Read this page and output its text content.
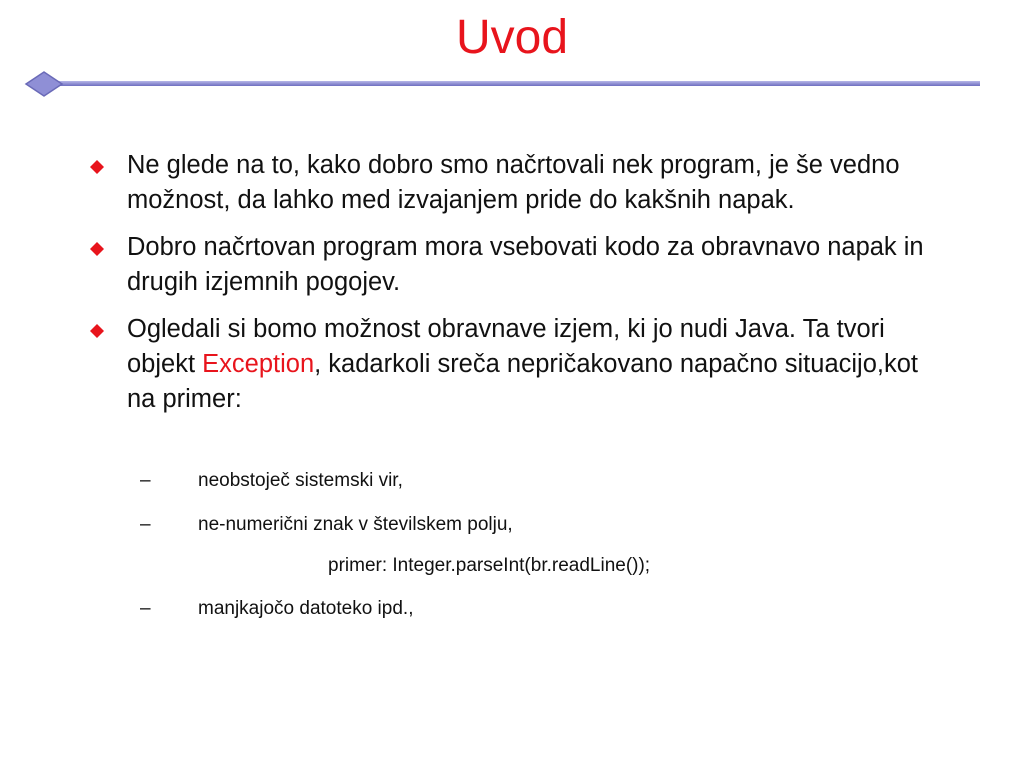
Uvod
Ne glede na to, kako dobro smo načrtovali nek program, je še vedno možnost, da lahko med izvajanjem pride do kakšnih napak.
Dobro načrtovan program mora vsebovati kodo za obravnavo napak in drugih izjemnih pogojev.
Ogledali si bomo možnost obravnave izjem, ki jo nudi Java. Ta tvori objekt Exception, kadarkoli sreča nepričakovano napačno situacijo,kot na primer:
– neobstoječ sistemski vir,
– ne-numerični znak v številskem polju,
primer: Integer.parseInt(br.readLine());
– manjkajočo datoteko ipd.,
